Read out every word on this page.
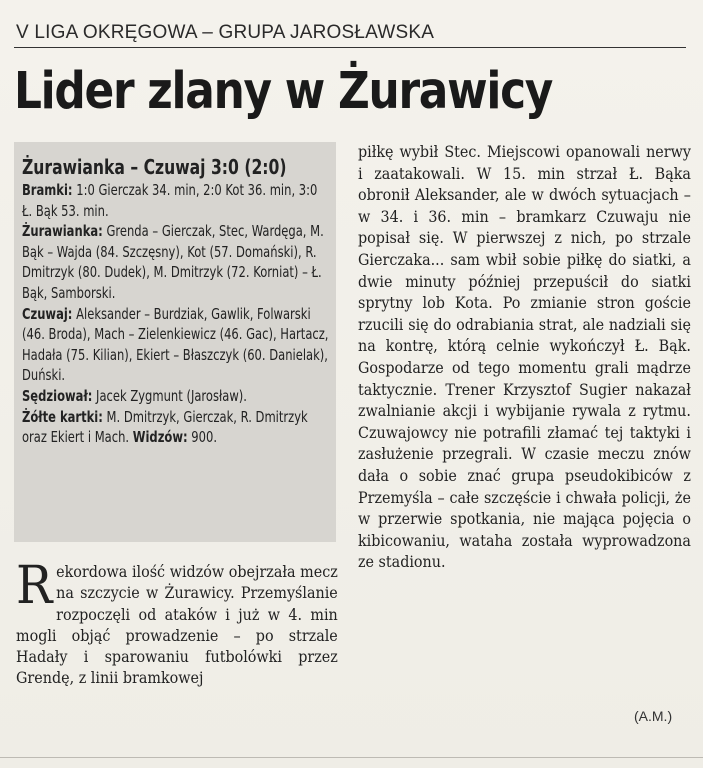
V LIGA OKRĘGOWA – GRUPA JAROSŁAWSKA
Lider zlany w Żurawicy

Żurawianka – Czuwaj 3:0 (2:0)

Bramki: 1:0 Gierczak 34. min, 2:0 Kot 36. min, 3:0 Ł. Bąk 53. min.

Żurawianka: Grenda – Gierczak, Stec, Wardęga, M. Bąk – Wajda (84. Szczęsny), Kot (57. Domański), R. Dmitrzyk (80. Dudek), M. Dmitrzyk (72. Korniat) – Ł. Bąk, Samborski.

Czuwaj: Aleksander – Burdziak, Gawlik, Folwarski (46. Broda), Mach – Zielenkiewicz (46. Gac), Hartacz, Hadała (75. Kilian), Ekiert – Błaszczyk (60. Danielak), Duński.

Sędziował: Jacek Zygmunt (Jarosław).

Żółte kartki: M. Dmitrzyk, Gierczak, R. Dmitrzyk oraz Ekiert i Mach. Widzów: 900.

Rekordowa ilość widzów obejrzała mecz na szczycie w Żurawicy. Przemyślanie rozpoczęli od ataków i już w 4. min mogli objąć prowadzenie – po strzale Hadały i sparowaniu futbolówki przez Grendę, z linii bramkowej
piłkę wybił Stec. Miejscowi opanowali nerwy i zaatakowali. W 15. min strzał Ł. Bąka obronił Aleksander, ale w dwóch sytuacjach – w 34. i 36. min – bramkarz Czuwaju nie popisał się. W pierwszej z nich, po strzale Gierczaka... sam wbił sobie piłkę do siatki, a dwie minuty później przepuścił do siatki sprytny lob Kota. Po zmianie stron goście rzucili się do odrabiania strat, ale nadziali się na kontrę, którą celnie wykończył Ł. Bąk. Gospodarze od tego momentu grali mądrze taktycznie. Trener Krzysztof Sugier nakazał zwalnianie akcji i wybijanie rywala z rytmu. Czuwajowcy nie potrafili złamać tej taktyki i zasłużenie przegrali. W czasie meczu znów dała o sobie znać grupa pseudokibiców z Przemyśla – całe szczęście i chwała policji, że w przerwie spotkania, nie mająca pojęcia o kibicowaniu, wataha została wyprowadzona ze stadionu.
(A.M.)
